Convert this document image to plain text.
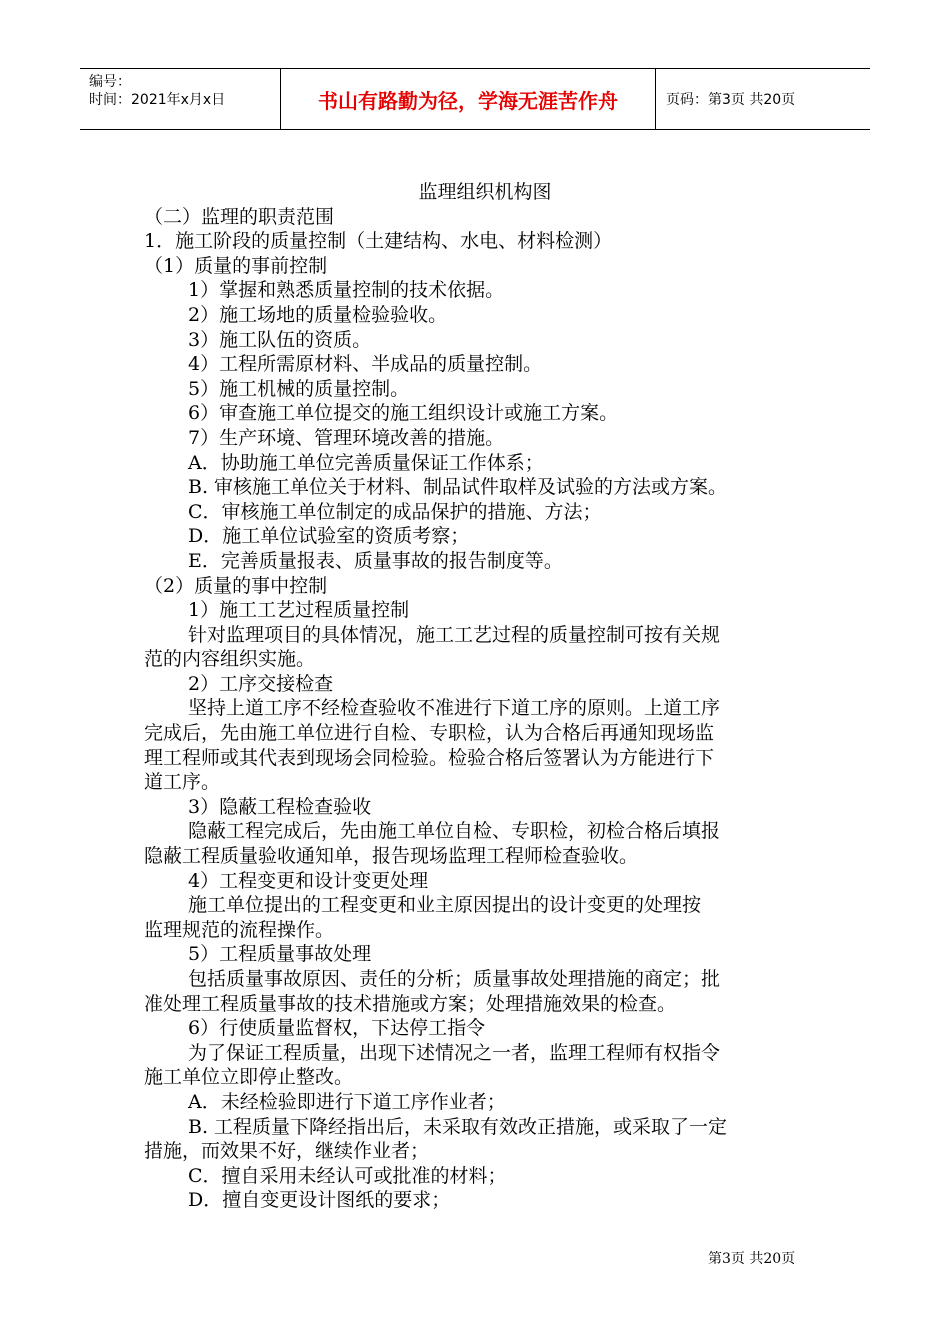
编号：
时间：2021年x月x日	书山有路勤为径，学海无涯苦作舟	页码：第3页 共20页
监理组织机构图
（二）监理的职责范围
1．施工阶段的质量控制（土建结构、水电、材料检测）
（1）质量的事前控制
1）掌握和熟悉质量控制的技术依据。
2）施工场地的质量检验验收。
3）施工队伍的资质。
4）工程所需原材料、半成品的质量控制。
5）施工机械的质量控制。
6）审查施工单位提交的施工组织设计或施工方案。
7）生产环境、管理环境改善的措施。
A．协助施工单位完善质量保证工作体系；
B. 审核施工单位关于材料、制品试件取样及试验的方法或方案。
C．审核施工单位制定的成品保护的措施、方法；
D．施工单位试验室的资质考察；
E．完善质量报表、质量事故的报告制度等。
（2）质量的事中控制
1）施工工艺过程质量控制
针对监理项目的具体情况，施工工艺过程的质量控制可按有关规
范的内容组织实施。
2）工序交接检查
坚持上道工序不经检查验收不准进行下道工序的原则。上道工序
完成后，先由施工单位进行自检、专职检，认为合格后再通知现场监
理工程师或其代表到现场会同检验。检验合格后签署认为方能进行下
道工序。
3）隐蔽工程检查验收
隐蔽工程完成后，先由施工单位自检、专职检，初检合格后填报
隐蔽工程质量验收通知单，报告现场监理工程师检查验收。
4）工程变更和设计变更处理
施工单位提出的工程变更和业主原因提出的设计变更的处理按
监理规范的流程操作。
5）工程质量事故处理
包括质量事故原因、责任的分析；质量事故处理措施的商定；批
准处理工程质量事故的技术措施或方案；处理措施效果的检查。
6）行使质量监督权，下达停工指令
为了保证工程质量，出现下述情况之一者，监理工程师有权指令
施工单位立即停止整改。
A．未经检验即进行下道工序作业者；
B. 工程质量下降经指出后，未采取有效改正措施，或采取了一定
措施，而效果不好，继续作业者；
C．擅自采用未经认可或批准的材料；
D．擅自变更设计图纸的要求；
第3页 共20页
